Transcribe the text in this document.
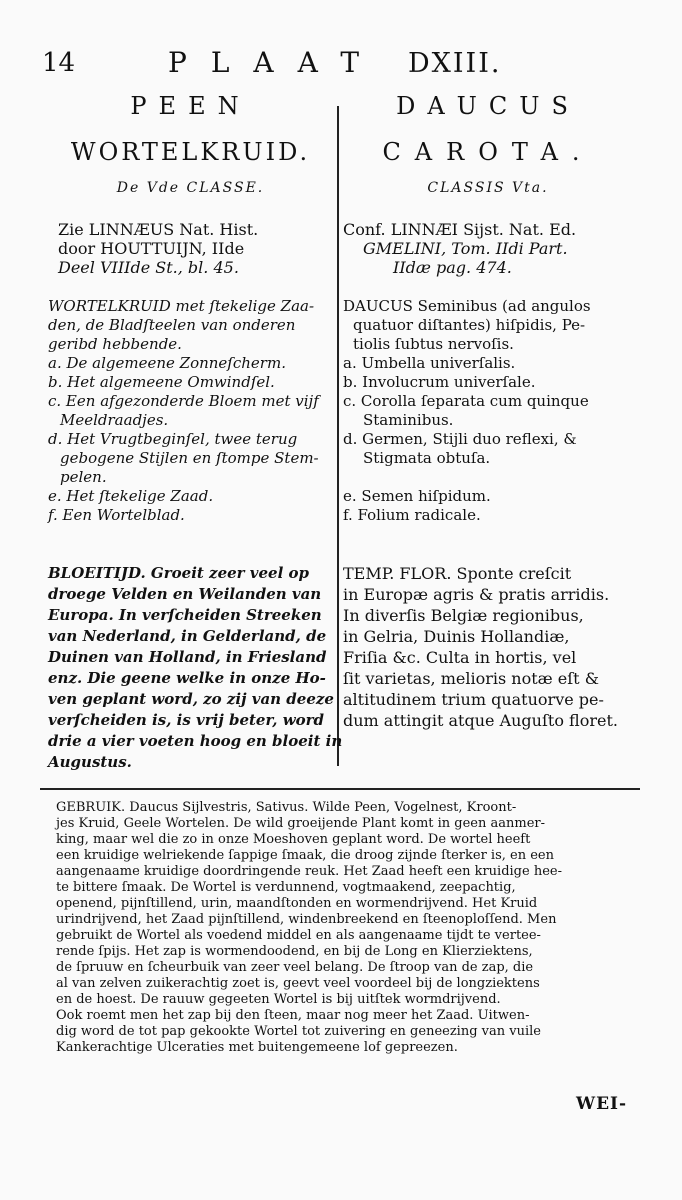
14	PLAAT DXIII.
PEEN
WORTELKRUID.
De Vde CLASSE.
Zie LINNÆUS Nat. Hist.
door HOUTTUIJN, IIde
Deel VIIIde St., bl. 45.
WORTELKRUID met ſtekelige Zaa-
den, de Bladſteelen van onderen
geribd hebbende.
a. De algemeene Zonneſcherm.
b. Het algemeene Omwindſel.
c. Een afgezonderde Bloem met vijf
Meeldraadjes.
d. Het Vrugtbeginſel, twee terug
gebogene Stijlen en ſtompe Stem-
pelen.
e. Het ſtekelige Zaad.
f. Een Wortelblad.
BLOEITIJD. Groeit zeer veel op
droege Velden en Weilanden van
Europa. In verſcheiden Streeken
van Nederland, in Gelderland, de
Duinen van Holland, in Friesland
enz. Die geene welke in onze Ho-
ven geplant word, zo zij van deeze
verſcheiden is, is vrij beter, word
drie a vier voeten hoog en bloeit in
Augustus.
DAUCUS
CAROTA.
CLASSIS Vta.
Conf. LINNÆI Sijst. Nat. Ed.
GMELINI, Tom. IIdi Part.
IIdæ pag. 474.
DAUCUS Seminibus (ad angulos
quatuor diſtantes) hiſpidis, Pe-
tiolis ſubtus nervoſis.
a. Umbella univerſalis.
b. Involucrum univerſale.
c. Corolla ſeparata cum quinque
Staminibus.
d. Germen, Stijli duo reflexi, &
Stigmata obtuſa.
e. Semen hiſpidum.
f. Folium radicale.
TEMP. FLOR. Sponte creſcit
in Europæ agris & pratis arridis.
In diverſis Belgiæ regionibus,
in Gelria, Duinis Hollandiæ,
Friſia &c. Culta in hortis, vel
ſit varietas, melioris notæ eſt &
altitudinem trium quatuorve pe-
dum attingit atque Auguſto floret.
GEBRUIK. Daucus Sijlvestris, Sativus. Wilde Peen, Vogelnest, Kroont-
jes Kruid, Geele Wortelen. De wild groeijende Plant komt in geen aanmer-
king, maar wel die zo in onze Moeshoven geplant word. De wortel heeft
een kruidige welriekende ſappige ſmaak, die droog zijnde ſterker is, en een
aangenaame kruidige doordringende reuk. Het Zaad heeft een kruidige hee-
te bittere ſmaak. De Wortel is verdunnend, vogtmaakend, zeepachtig,
openend, pijnſtillend, urin, maandſtonden en wormendrijvend. Het Kruid
urindrijvend, het Zaad pijnſtillend, windenbreekend en ſteenoploſſend. Men
gebruikt de Wortel als voedend middel en als aangenaame tijdt te verteе-
rende ſpijs. Het zap is wormendoodend, en bij de Long en Klierziektens,
de ſpruuw en ſcheurbuik van zeer veel belang. De ſtroop van de zap, die
al van zelven zuikerachtig zoet is, geevt veel voordeel bij de longziektens
en de hoest. De rauuw gegeeten Wortel is bij uitſtek wormdrijvend.
Ook roemt men het zap bij den ſteen, maar nog meer het Zaad. Uitwen-
dig word de tot pap gekookte Wortel tot zuivering en geneezing van vuile
Kankerachtige Ulceraties met buitengemeene lof gepreezen.
WEI-
